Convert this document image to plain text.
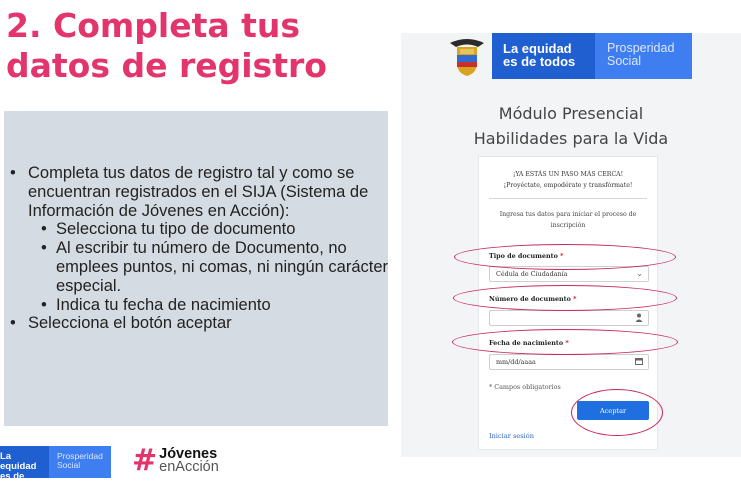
2. Completa tus datos de registro
• Completa tus datos de registro tal y como se encuentran registrados en el SIJA (Sistema de Información de Jóvenes en Acción):
• Selecciona tu tipo de documento
• Al escribir tu número de Documento, no emplees puntos, ni comas, ni ningún carácter especial.
• Indica tu fecha de nacimiento
• Selecciona el botón aceptar
La equidad
es de todos
Prosperidad
Social	# Jóvenes
enAcción
La equidad
es de todos
Prosperidad
Social
Módulo Presencial
Habilidades para la Vida
¡YA ESTÁS UN PASO MÁS CERCA!
¡Proyéctate, empodérate y transfórmate!
Ingresa tus datos para iniciar el proceso de inscripción
Tipo de documento *
Cédula de Ciudadanía	⌄
Número de documento *
Fecha de nacimiento *
mm/dd/aaaa
* Campos obligatorios
Aceptar
Iniciar sesión
